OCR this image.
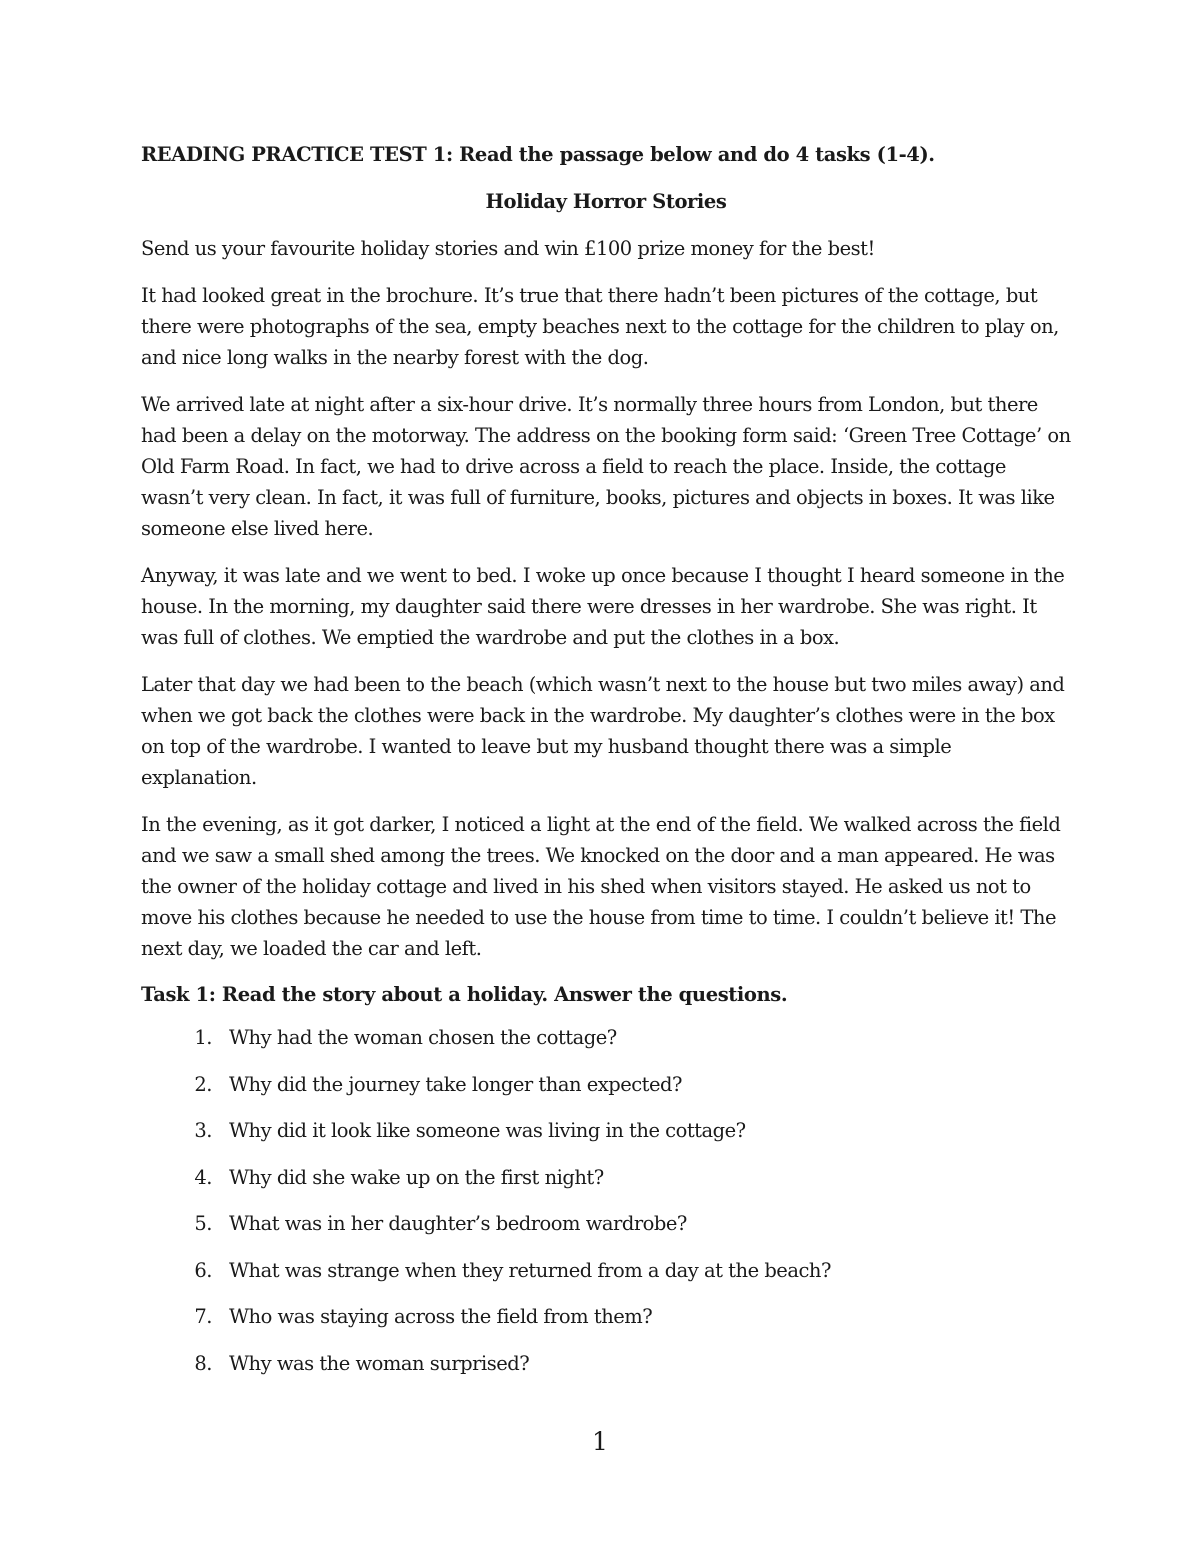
READING PRACTICE TEST 1: Read the passage below and do 4 tasks (1-4).
Holiday Horror Stories

Send us your favourite holiday stories and win £100 prize money for the best!

It had looked great in the brochure. It’s true that there hadn’t been pictures of the cottage, but there were photographs of the sea, empty beaches next to the cottage for the children to play on, and nice long walks in the nearby forest with the dog.

We arrived late at night after a six-hour drive. It’s normally three hours from London, but there had been a delay on the motorway. The address on the booking form said: ‘Green Tree Cottage’ on Old Farm Road. In fact, we had to drive across a field to reach the place. Inside, the cottage wasn’t very clean. In fact, it was full of furniture, books, pictures and objects in boxes. It was like someone else lived here.

Anyway, it was late and we went to bed. I woke up once because I thought I heard someone in the house. In the morning, my daughter said there were dresses in her wardrobe. She was right. It was full of clothes. We emptied the wardrobe and put the clothes in a box.

Later that day we had been to the beach (which wasn’t next to the house but two miles away) and when we got back the clothes were back in the wardrobe. My daughter’s clothes were in the box on top of the wardrobe. I wanted to leave but my husband thought there was a simple explanation.

In the evening, as it got darker, I noticed a light at the end of the field. We walked across the field and we saw a small shed among the trees. We knocked on the door and a man appeared. He was the owner of the holiday cottage and lived in his shed when visitors stayed. He asked us not to move his clothes because he needed to use the house from time to time. I couldn’t believe it! The next day, we loaded the car and left.

Task 1: Read the story about a holiday. Answer the questions.
1. Why had the woman chosen the cottage?
2. Why did the journey take longer than expected?
3. Why did it look like someone was living in the cottage?
4. Why did she wake up on the first night?
5. What was in her daughter’s bedroom wardrobe?
6. What was strange when they returned from a day at the beach?
7. Who was staying across the field from them?
8. Why was the woman surprised?
1
